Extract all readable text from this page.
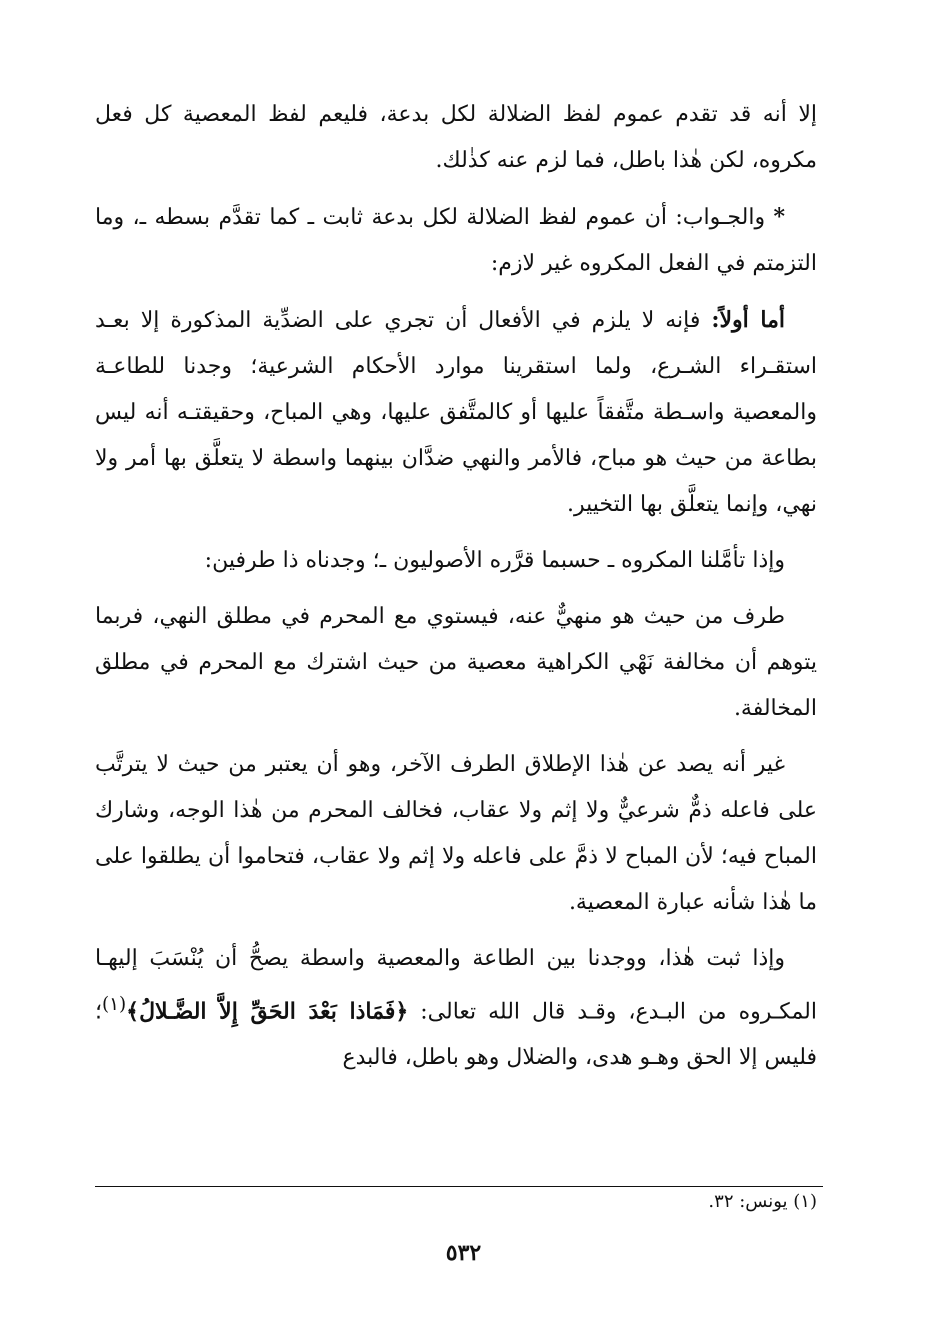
إلا أنه قد تقدم عموم لفظ الضلالة لكل بدعة، فليعم لفظ المعصية كل فعل مكروه، لكن هٰذا باطل، فما لزم عنه كذٰلك.

* والجـواب: أن عموم لفظ الضلالة لكل بدعة ثابت ـ كما تقدَّم بسطه ـ، وما التزمتم في الفعل المكروه غير لازم:

أما أولاً: فإنه لا يلزم في الأفعال أن تجري على الضدِّية المذكورة إلا بعـد استقـراء الشـرع، ولما استقرينا موارد الأحكام الشرعية؛ وجدنا للطاعـة والمعصية واسـطة متَّفقاً عليها أو كالمتَّفق عليها، وهي المباح، وحقيقتـه أنه ليس بطاعة من حيث هو مباح، فالأمر والنهي ضدَّان بينهما واسطة لا يتعلَّق بها أمر ولا نهي، وإنما يتعلَّق بها التخيير.

وإذا تأمَّلنا المكروه ـ حسبما قرَّره الأصوليون ـ؛ وجدناه ذا طرفين:

طرف من حيث هو منهيٌّ عنه، فيستوي مع المحرم في مطلق النهي، فربما يتوهم أن مخالفة نَهْي الكراهية معصية من حيث اشترك مع المحرم في مطلق المخالفة.

غير أنه يصد عن هٰذا الإطلاق الطرف الآخر، وهو أن يعتبر من حيث لا يترتَّب على فاعله ذمٌّ شرعيٌّ ولا إثم ولا عقاب، فخالف المحرم من هٰذا الوجه، وشارك المباح فيه؛ لأن المباح لا ذمَّ على فاعله ولا إثم ولا عقاب، فتحاموا أن يطلقوا على ما هٰذا شأنه عبارة المعصية.

وإذا ثبت هٰذا، ووجدنا بين الطاعة والمعصية واسطة يصحُّ أن يُنْسَبَ إليهـا المكـروه من البـدع، وقـد قال الله تعالى: ﴿فَمَاذا بَعْدَ الحَقِّ إِلاَّ الضَّـلالُ﴾$^{(١)}$؛ فليس إلا الحق وهـو هدى، والضلال وهو باطل، فالبدع

(١) يونس: ٣٢.
٥٣٢
